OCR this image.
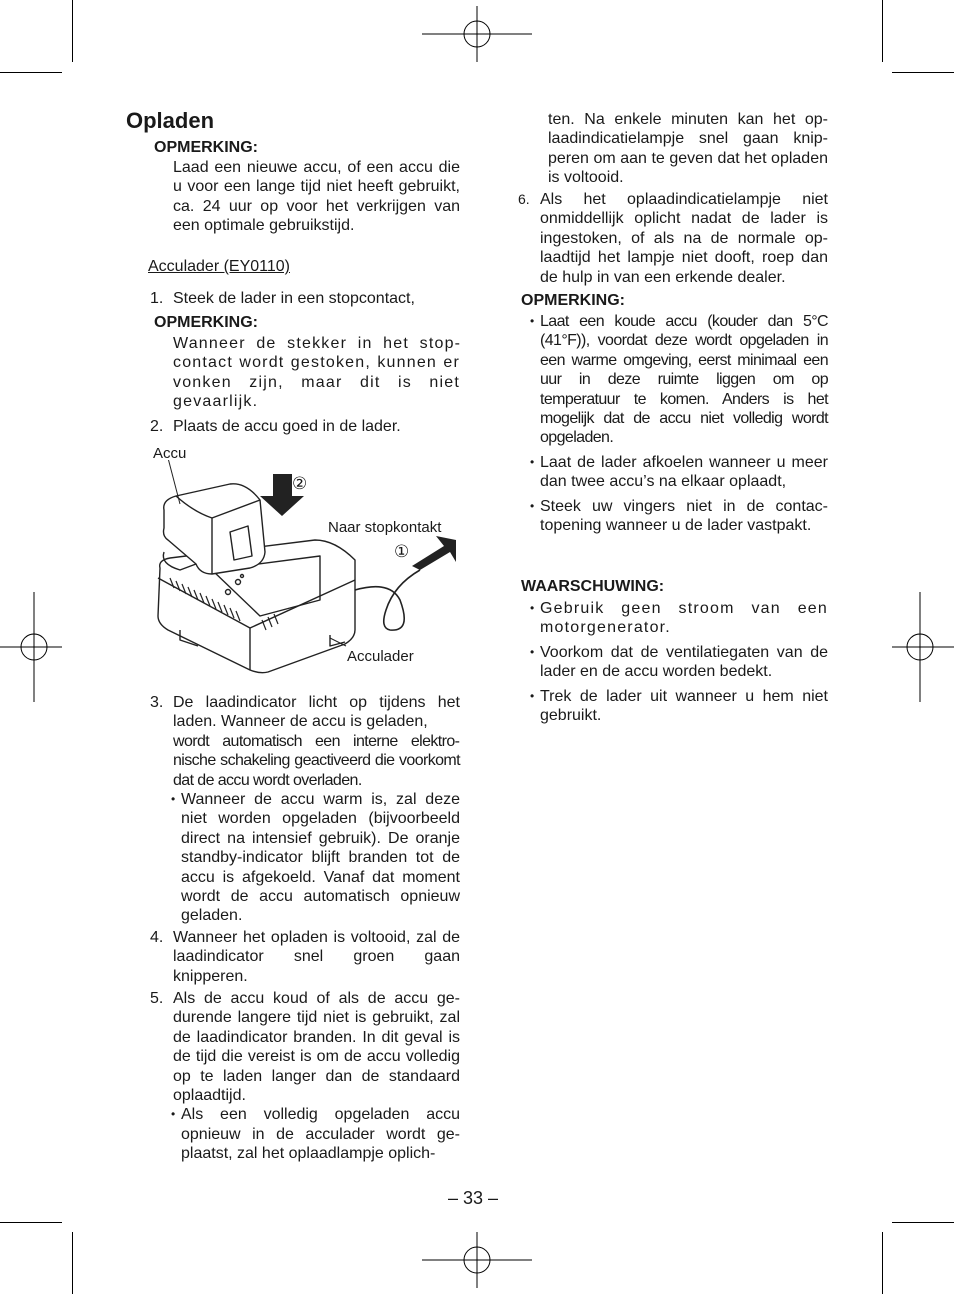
Opladen
OPMERKING:
Laad een nieuwe accu, of een accu die u voor een lange tijd niet heeft gebruikt, ca. 24 uur op voor het verkrijgen van een optimale gebruikstijd.
Acculader (EY0110)
1. Steek de lader in een stopcontact,
OPMERKING:
Wanneer de stekker in het stopcontact wordt gestoken, kunnen er vonken zijn, maar dit is niet gevaarlijk.
2. Plaats de accu goed in de lader.
Accu
Naar stopkontakt
Acculader
②
①
3. De laadindicator licht op tijdens het laden. Wanneer de accu is geladen,
wordt automatisch een interne elektronische schakeling geactiveerd die voorkomt dat de accu wordt overladen.
• Wanneer de accu warm is, zal deze niet worden opgeladen (bijvoorbeeld direct na intensief gebruik). De oranje standby-indicator blijft branden tot de accu is afgekoeld. Vanaf dat moment wordt de accu automatisch opnieuw geladen.
4. Wanneer het opladen is voltooid, zal de laadindicator snel groen gaan knipperen.
5. Als de accu koud of als de accu gedurende langere tijd niet is gebruikt, zal de laadindicator branden. In dit geval is de tijd die vereist is om de accu volledig op te laden langer dan de standaard oplaadtijd.
• Als een volledig opgeladen accu opnieuw in de acculader wordt geplaatst, zal het oplaadlampje oplich-
ten. Na enkele minuten kan het oplaadindicatielampje snel gaan knipperen om aan te geven dat het opladen is voltooid.
6. Als het oplaadindicatielampje niet onmiddellijk oplicht nadat de lader is ingestoken, of als na de normale oplaadtijd het lampje niet dooft, roep dan de hulp in van een erkende dealer.
OPMERKING:
• Laat een koude accu (kouder dan 5°C (41°F)), voordat deze wordt opgeladen in een warme omgeving, eerst minimaal een uur in deze ruimte liggen om op temperatuur te komen. Anders is het mogelijk dat de accu niet volledig wordt opgeladen.
• Laat de lader afkoelen wanneer u meer dan twee accu’s na elkaar oplaadt,
• Steek uw vingers niet in de contactopening wanneer u de lader vastpakt.
WAARSCHUWING:
• Gebruik geen stroom van een motorgenerator.
• Voorkom dat de ventilatiegaten van de lader en de accu worden bedekt.
• Trek de lader uit wanneer u hem niet gebruikt.
– 33 –
